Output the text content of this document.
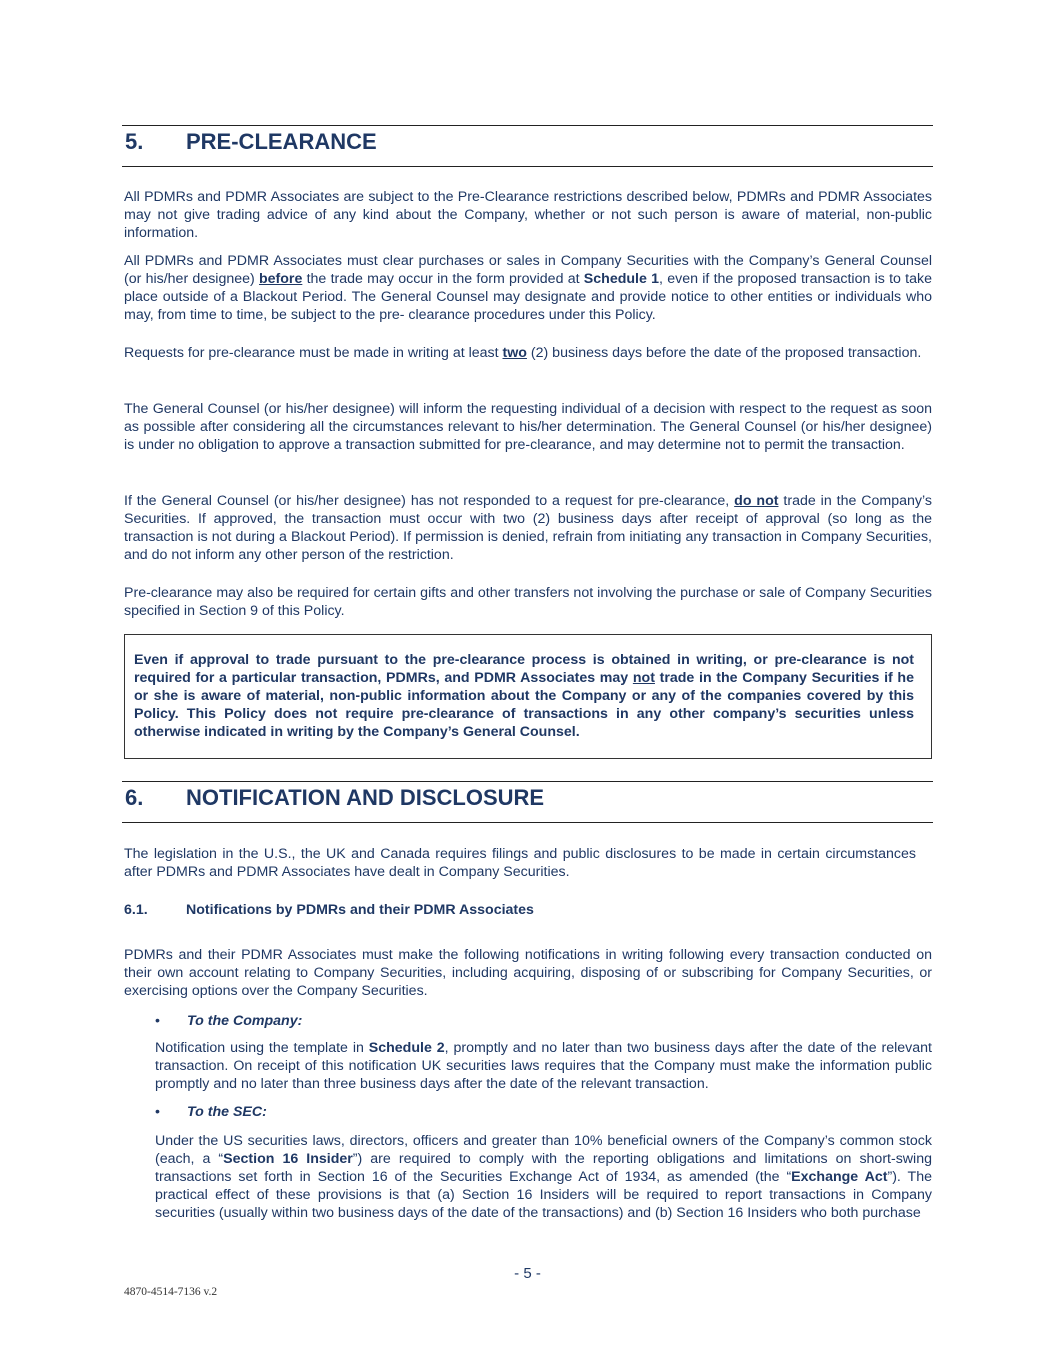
5. PRE-CLEARANCE

All PDMRs and PDMR Associates are subject to the Pre-Clearance restrictions described below, PDMRs and PDMR Associates may not give trading advice of any kind about the Company, whether or not such person is aware of material, non-public information.

All PDMRs and PDMR Associates must clear purchases or sales in Company Securities with the Company’s General Counsel (or his/her designee) before the trade may occur in the form provided at Schedule 1, even if the proposed transaction is to take place outside of a Blackout Period. The General Counsel may designate and provide notice to other entities or individuals who may, from time to time, be subject to the pre- clearance procedures under this Policy.

Requests for pre-clearance must be made in writing at least two (2) business days before the date of the proposed transaction.

The General Counsel (or his/her designee) will inform the requesting individual of a decision with respect to the request as soon as possible after considering all the circumstances relevant to his/her determination. The General Counsel (or his/her designee) is under no obligation to approve a transaction submitted for pre-clearance, and may determine not to permit the transaction.

If the General Counsel (or his/her designee) has not responded to a request for pre-clearance, do not trade in the Company’s Securities. If approved, the transaction must occur with two (2) business days after receipt of approval (so long as the transaction is not during a Blackout Period). If permission is denied, refrain from initiating any transaction in Company Securities, and do not inform any other person of the restriction.

Pre-clearance may also be required for certain gifts and other transfers not involving the purchase or sale of Company Securities specified in Section 9 of this Policy.

Even if approval to trade pursuant to the pre-clearance process is obtained in writing, or pre-clearance is not required for a particular transaction, PDMRs, and PDMR Associates may not trade in the Company Securities if he or she is aware of material, non-public information about the Company or any of the companies covered by this Policy. This Policy does not require pre-clearance of transactions in any other company’s securities unless otherwise indicated in writing by the Company’s General Counsel.

6. NOTIFICATION AND DISCLOSURE

The legislation in the U.S., the UK and Canada requires filings and public disclosures to be made in certain circumstances after PDMRs and PDMR Associates have dealt in Company Securities.

6.1.	Notifications by PDMRs and their PDMR Associates

PDMRs and their PDMR Associates must make the following notifications in writing following every transaction conducted on their own account relating to Company Securities, including acquiring, disposing of or subscribing for Company Securities, or exercising options over the Company Securities.

• To the Company:

Notification using the template in Schedule 2, promptly and no later than two business days after the date of the relevant transaction. On receipt of this notification UK securities laws requires that the Company must make the information public promptly and no later than three business days after the date of the relevant transaction.

• To the SEC:

Under the US securities laws, directors, officers and greater than 10% beneficial owners of the Company’s common stock (each, a “Section 16 Insider”) are required to comply with the reporting obligations and limitations on short-swing transactions set forth in Section 16 of the Securities Exchange Act of 1934, as amended (the “Exchange Act”). The practical effect of these provisions is that (a) Section 16 Insiders will be required to report transactions in Company securities (usually within two business days of the date of the transactions) and (b) Section 16 Insiders who both purchase

- 5 -
4870-4514-7136 v.2
